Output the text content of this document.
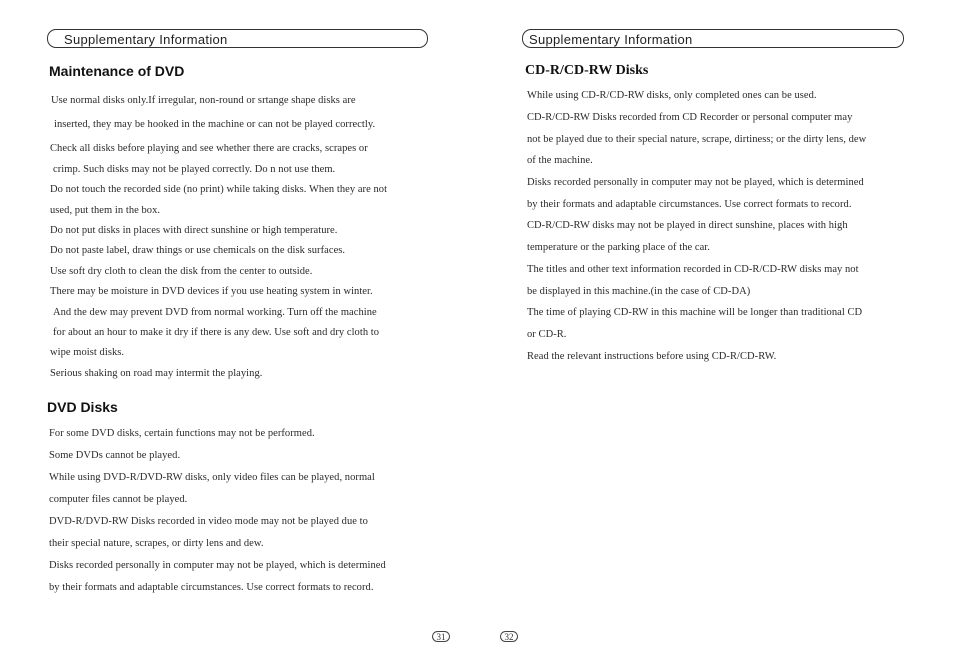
Supplementary Information
Maintenance of DVD
Use normal disks only.If irregular, non-round or srtange shape disks are
inserted, they may be hooked in the machine or can not be played correctly.
Check all disks before playing and see whether there are cracks, scrapes or
crimp. Such disks may not be played correctly. Do n not use them.
Do not touch the recorded side (no print) while taking disks. When they are not
used, put them in the box.
Do not put disks in places with direct sunshine or high temperature.
Do not paste label, draw things or use chemicals on the disk surfaces.
Use soft dry cloth to clean the disk from the center to outside.
There may be moisture in DVD devices if you use heating system in winter.
And the dew may prevent DVD from normal working. Turn off the machine
for about an hour to make it dry if there is any dew. Use soft and dry cloth to
wipe moist disks.
Serious shaking on road may intermit the playing.
DVD Disks
For some DVD disks, certain functions may not be performed.
Some DVDs cannot be played.
While using DVD-R/DVD-RW disks, only video files can be played, normal
computer files cannot be played.
DVD-R/DVD-RW Disks recorded in video mode may not be played due to
their special nature, scrapes, or dirty lens and dew.
Disks recorded personally in computer may not be played, which is determined
by their formats and adaptable circumstances. Use correct formats to record.
31
Supplementary Information
CD-R/CD-RW Disks
While using CD-R/CD-RW disks, only completed ones can be used.
CD-R/CD-RW Disks recorded from CD Recorder or personal computer may
not be played due to their special nature, scrape, dirtiness; or the dirty lens, dew
of the machine.
Disks recorded personally in computer may not be played, which is determined
by their formats and adaptable circumstances. Use correct formats to record.
CD-R/CD-RW disks may not be played in direct sunshine, places with high
temperature or the parking place of the car.
The titles and other text information recorded in CD-R/CD-RW disks may not
be displayed in this machine.(in the case of CD-DA)
The time of playing CD-RW in this machine will be longer than traditional CD
or CD-R.
Read the relevant instructions before using CD-R/CD-RW.
32
